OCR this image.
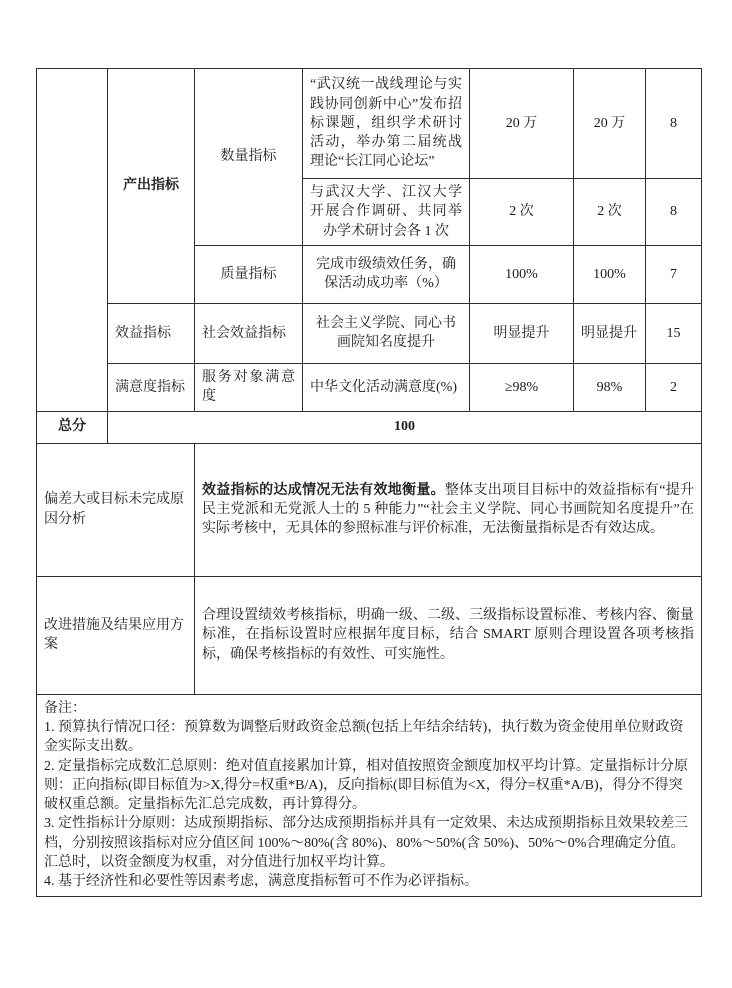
	产出指标	数量指标	“武汉统一战线理论与实践协同创新中心”发布招标课题，组织学术研讨活动，举办第二届统战理论“长江同心论坛”	20 万	20 万	8
			与武汉大学、江汉大学开展合作调研、共同举办学术研讨会各 1 次	2 次	2 次	8
		质量指标	完成市级绩效任务，确保活动成功率（%）	100%	100%	7
	效益指标	社会效益指标	社会主义学院、同心书画院知名度提升	明显提升	明显提升	15
	满意度指标	服务对象满意度	中华文化活动满意度(%)	≥98%	98%	2
总分	100					
偏差大或目标未完成原因分析		效益指标的达成情况无法有效地衡量。整体支出项目目标中的效益指标有“提升民主党派和无党派人士的 5 种能力”“社会主义学院、同心书画院知名度提升”在实际考核中，无具体的参照标准与评价标准，无法衡量指标是否有效达成。				
改进措施及结果应用方案		合理设置绩效考核指标，明确一级、二级、三级指标设置标准、考核内容、衡量标准，在指标设置时应根据年度目标，结合 SMART 原则合理设置各项考核指标，确保考核指标的有效性、可实施性。				

备注：
1. 预算执行情况口径：预算数为调整后财政资金总额(包括上年结余结转)，执行数为资金使用单位财政资金实际支出数。
2. 定量指标完成数汇总原则：绝对值直接累加计算，相对值按照资金额度加权平均计算。定量指标计分原则：正向指标(即目标值为>X,得分=权重*B/A)，反向指标(即目标值为<X，得分=权重*A/B)，得分不得突破权重总额。定量指标先汇总完成数，再计算得分。
3. 定性指标计分原则：达成预期指标、部分达成预期指标并具有一定效果、未达成预期指标且效果较差三档，分别按照该指标对应分值区间 100%～80%(含 80%)、80%～50%(含 50%)、50%～0%合理确定分值。汇总时，以资金额度为权重，对分值进行加权平均计算。
4. 基于经济性和必要性等因素考虑，满意度指标暂可不作为必评指标。						
